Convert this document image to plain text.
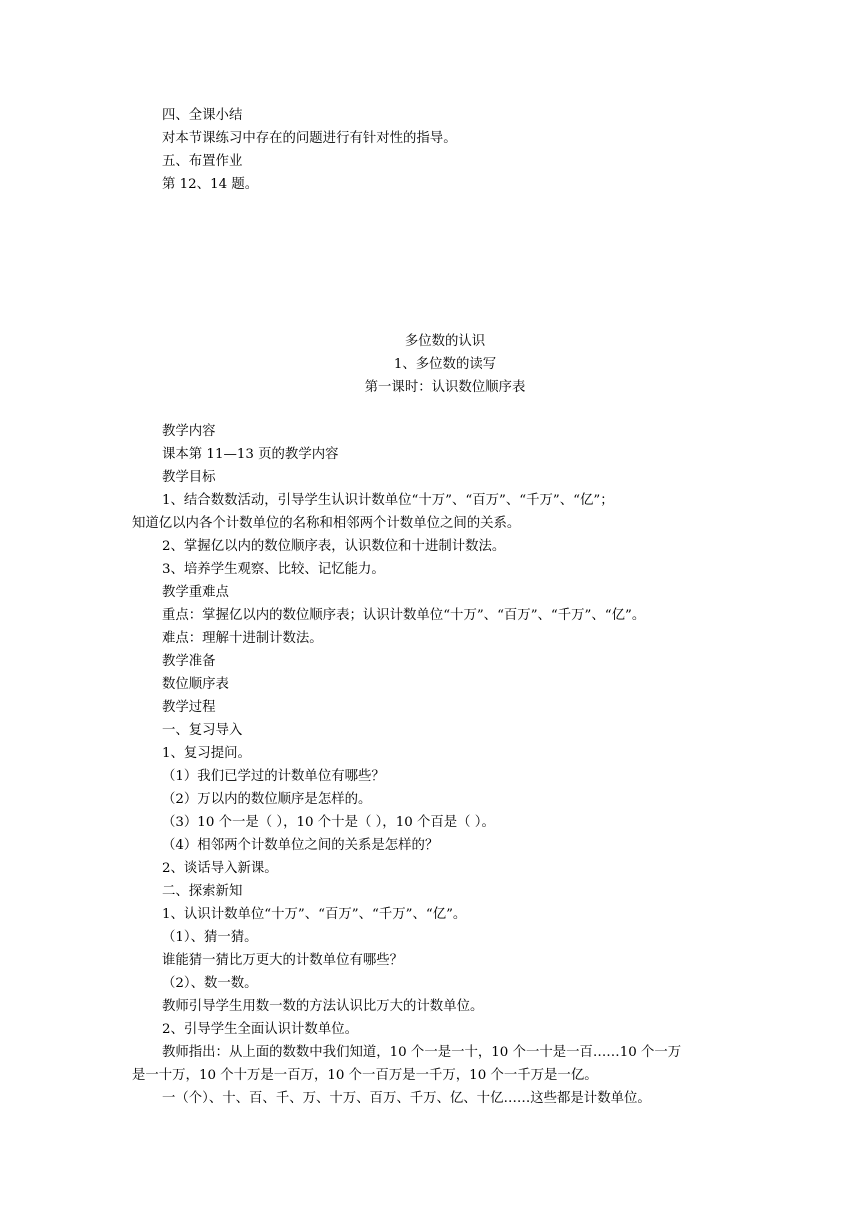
四、全课小结

对本节课练习中存在的问题进行有针对性的指导。

五、布置作业

第 12、14 题。

多位数的认识

1、多位数的读写

第一课时：认识数位顺序表

教学内容

课本第 11—13 页的教学内容

教学目标

1、结合数数活动，引导学生认识计数单位“十万”、“百万”、“千万”、“亿”；

知道亿以内各个计数单位的名称和相邻两个计数单位之间的关系。

2、掌握亿以内的数位顺序表，认识数位和十进制计数法。

3、培养学生观察、比较、记忆能力。

教学重难点

重点：掌握亿以内的数位顺序表；认识计数单位“十万”、“百万”、“千万”、“亿”。

难点：理解十进制计数法。

教学准备

数位顺序表

教学过程

一、复习导入

1、复习提问。

（1）我们已学过的计数单位有哪些？

（2）万以内的数位顺序是怎样的。

（3）10 个一是（ ），10 个十是（ ），10 个百是（ ）。

（4）相邻两个计数单位之间的关系是怎样的？

2、谈话导入新课。

二、探索新知

1、认识计数单位“十万”、“百万”、“千万”、“亿”。

（1）、猜一猜。

谁能猜一猜比万更大的计数单位有哪些？

（2）、数一数。

教师引导学生用数一数的方法认识比万大的计数单位。

2、引导学生全面认识计数单位。

教师指出：从上面的数数中我们知道，10 个一是一十，10 个一十是一百……10 个一万

是一十万，10 个十万是一百万，10 个一百万是一千万，10 个一千万是一亿。

一（个）、十、百、千、万、十万、百万、千万、亿、十亿……这些都是计数单位。
